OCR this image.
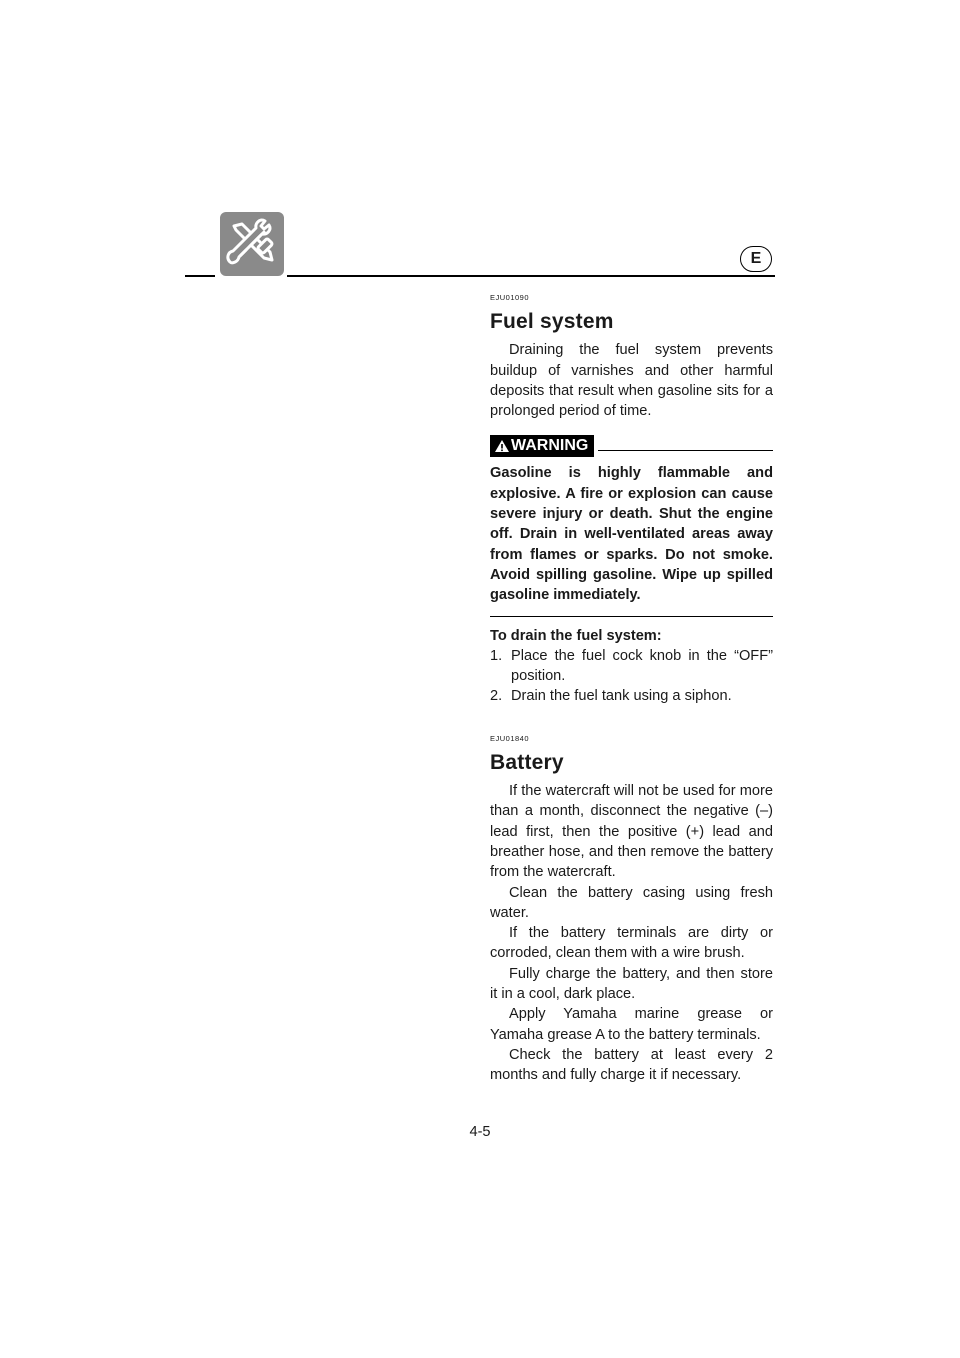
E

EJU01090

Fuel system

Draining the fuel system prevents buildup of varnishes and other harmful deposits that result when gasoline sits for a prolonged period of time.

WARNING

Gasoline is highly flammable and explosive. A fire or explosion can cause severe injury or death. Shut the engine off. Drain in well-ventilated areas away from flames or sparks. Do not smoke. Avoid spilling gasoline. Wipe up spilled gasoline immediately.

To drain the fuel system:
1. Place the fuel cock knob in the “OFF” position.
2. Drain the fuel tank using a siphon.

EJU01840

Battery

If the watercraft will not be used for more than a month, disconnect the negative (–) lead first, then the positive (+) lead and breather hose, and then remove the battery from the watercraft.

Clean the battery casing using fresh water.

If the battery terminals are dirty or corroded, clean them with a wire brush.

Fully charge the battery, and then store it in a cool, dark place.

Apply Yamaha marine grease or Yamaha grease A to the battery terminals.

Check the battery at least every 2 months and fully charge it if necessary.

4-5
